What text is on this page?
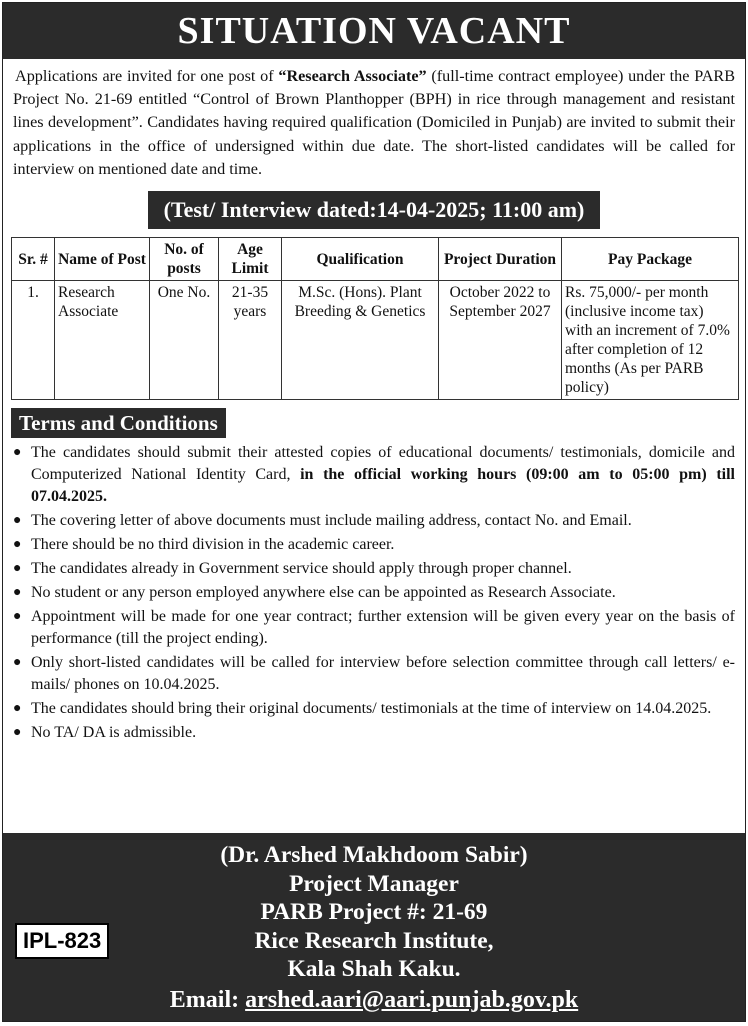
SITUATION VACANT
Applications are invited for one post of “Research Associate” (full-time contract employee) under the PARB Project No. 21-69 entitled “Control of Brown Planthopper (BPH) in rice through management and resistant lines development”. Candidates having required qualification (Domiciled in Punjab) are invited to submit their applications in the office of undersigned within due date. The short-listed candidates will be called for interview on mentioned date and time.
(Test/ Interview dated:14-04-2025; 11:00 am)
Sr. #	Name of Post	No. of posts	Age Limit	Qualification	Project Duration	Pay Package
1.	Research Associate	One No.	21-35 years	M.Sc. (Hons). Plant Breeding & Genetics	October 2022 to September 2027	Rs. 75,000/- per month (inclusive income tax) with an increment of 7.0% after completion of 12 months (As per PARB policy)
Terms and Conditions
● The candidates should submit their attested copies of educational documents/ testimonials, domicile and Computerized National Identity Card, in the official working hours (09:00 am to 05:00 pm) till 07.04.2025.
● The covering letter of above documents must include mailing address, contact No. and Email.
● There should be no third division in the academic career.
● The candidates already in Government service should apply through proper channel.
● No student or any person employed anywhere else can be appointed as Research Associate.
● Appointment will be made for one year contract; further extension will be given every year on the basis of performance (till the project ending).
● Only short-listed candidates will be called for interview before selection committee through call letters/ e-mails/ phones on 10.04.2025.
● The candidates should bring their original documents/ testimonials at the time of interview on 14.04.2025.
● No TA/ DA is admissible.
(Dr. Arshed Makhdoom Sabir)
Project Manager
PARB Project #: 21-69
Rice Research Institute,
Kala Shah Kaku.
Email: arshed.aari@aari.punjab.gov.pk
IPL-823
